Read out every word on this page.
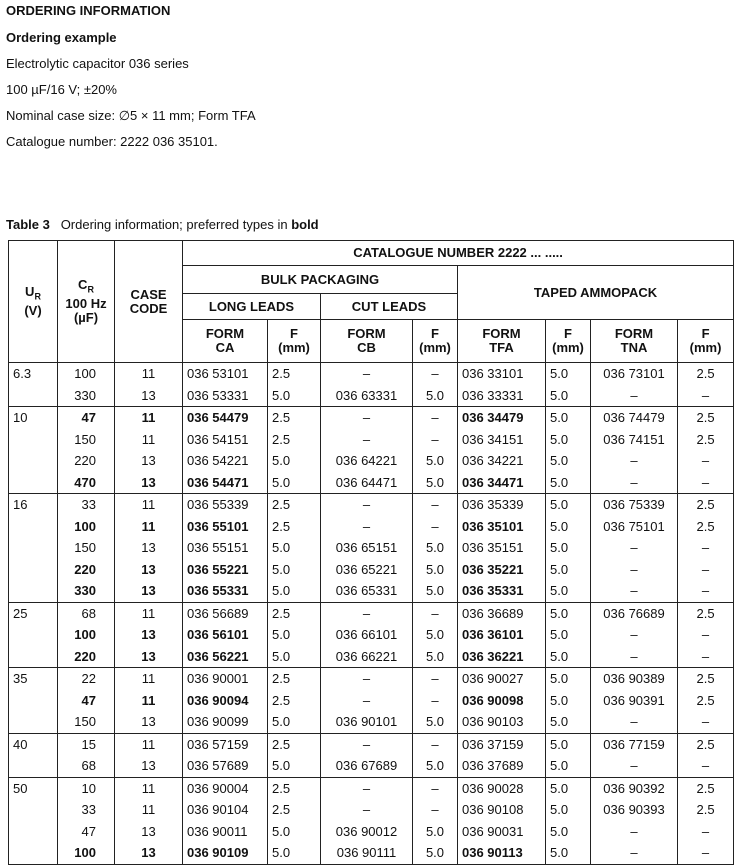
ORDERING INFORMATION
Ordering example
Electrolytic capacitor 036 series
100 µF/16 V; ±20%
Nominal case size: ∅5 × 11 mm; Form TFA
Catalogue number: 2222 036 35101.
Table 3 Ordering information; preferred types in bold
$U_R$
(V)	$C_R$
100 Hz
(µF)	CASE CODE	CATALOGUE NUMBER 2222 ... .....							
			BULK PACKAGING				TAPED AMMOPACK			
			LONG LEADS		CUT LEADS					
			FORM CA	F (mm)	FORM CB	F (mm)	FORM TFA	F (mm)	FORM TNA	F (mm)
6.3	100	11	036 53101	2.5	–	–	036 33101	5.0	036 73101	2.5
	330	13	036 53331	5.0	036 63331	5.0	036 33331	5.0	–	–
10	47	11	036 54479	2.5	–	–	036 34479	5.0	036 74479	2.5
	150	11	036 54151	2.5	–	–	036 34151	5.0	036 74151	2.5
	220	13	036 54221	5.0	036 64221	5.0	036 34221	5.0	–	–
	470	13	036 54471	5.0	036 64471	5.0	036 34471	5.0	–	–
16	33	11	036 55339	2.5	–	–	036 35339	5.0	036 75339	2.5
	100	11	036 55101	2.5	–	–	036 35101	5.0	036 75101	2.5
	150	13	036 55151	5.0	036 65151	5.0	036 35151	5.0	–	–
	220	13	036 55221	5.0	036 65221	5.0	036 35221	5.0	–	–
	330	13	036 55331	5.0	036 65331	5.0	036 35331	5.0	–	–
25	68	11	036 56689	2.5	–	–	036 36689	5.0	036 76689	2.5
	100	13	036 56101	5.0	036 66101	5.0	036 36101	5.0	–	–
	220	13	036 56221	5.0	036 66221	5.0	036 36221	5.0	–	–
35	22	11	036 90001	2.5	–	–	036 90027	5.0	036 90389	2.5
	47	11	036 90094	2.5	–	–	036 90098	5.0	036 90391	2.5
	150	13	036 90099	5.0	036 90101	5.0	036 90103	5.0	–	–
40	15	11	036 57159	2.5	–	–	036 37159	5.0	036 77159	2.5
	68	13	036 57689	5.0	036 67689	5.0	036 37689	5.0	–	–
50	10	11	036 90004	2.5	–	–	036 90028	5.0	036 90392	2.5
	33	11	036 90104	2.5	–	–	036 90108	5.0	036 90393	2.5
	47	13	036 90011	5.0	036 90012	5.0	036 90031	5.0	–	–
	100	13	036 90109	5.0	036 90111	5.0	036 90113	5.0	–	–
